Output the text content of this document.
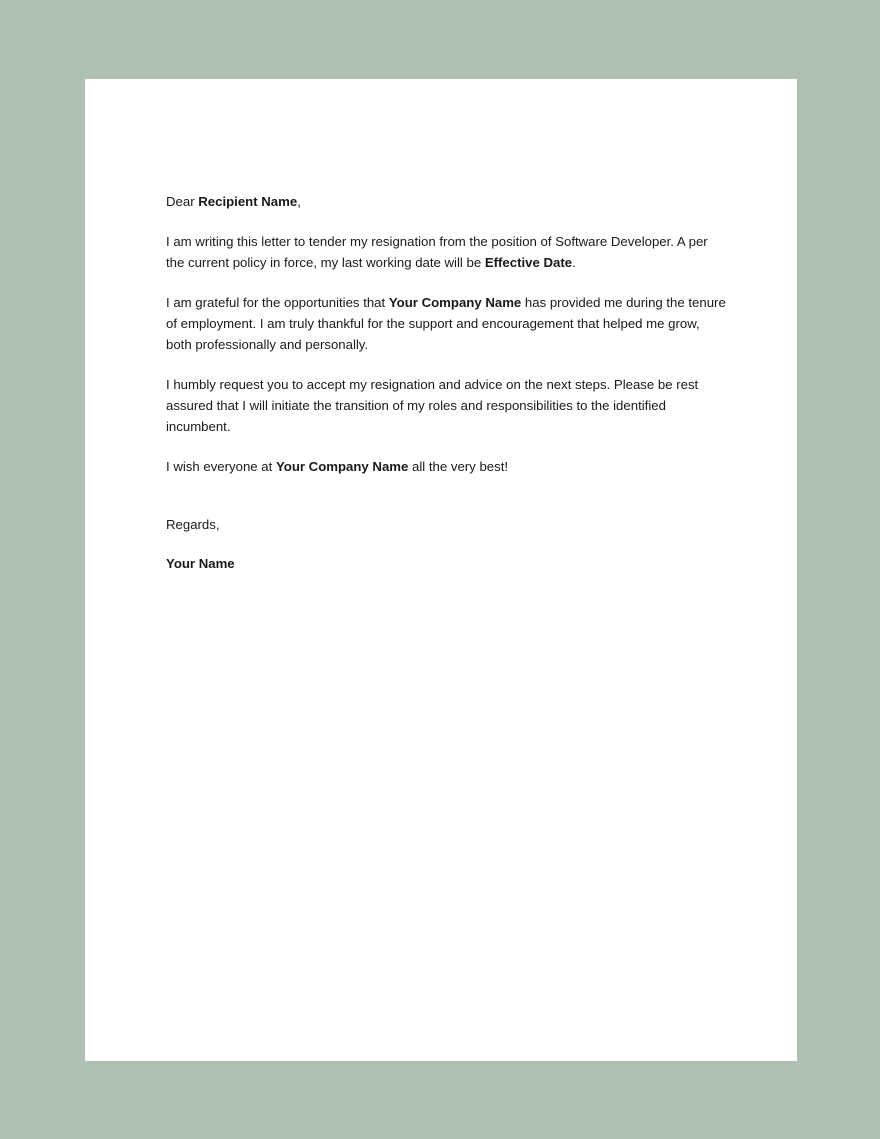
Dear Recipient Name,

I am writing this letter to tender my resignation from the position of Software Developer. A per the current policy in force, my last working date will be Effective Date.

I am grateful for the opportunities that Your Company Name has provided me during the tenure of employment. I am truly thankful for the support and encouragement that helped me grow, both professionally and personally.

I humbly request you to accept my resignation and advice on the next steps. Please be rest assured that I will initiate the transition of my roles and responsibilities to the identified incumbent.

I wish everyone at Your Company Name all the very best!

Regards,

Your Name
